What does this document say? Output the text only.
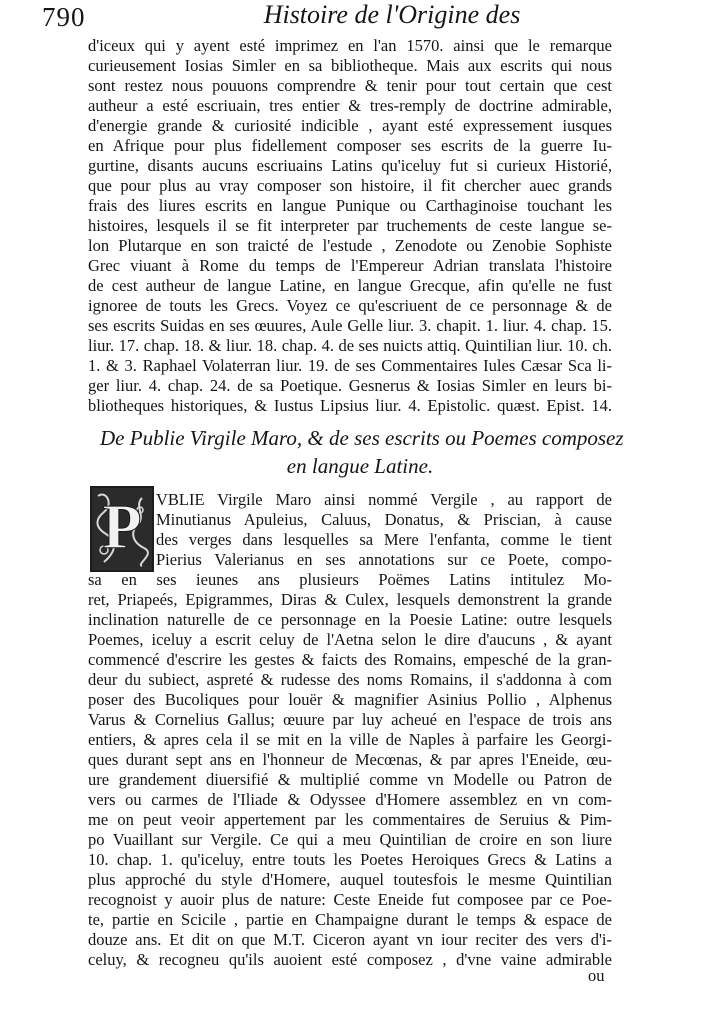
790	Histoire de l'Origine des
d'iceux qui y ayent esté imprimez en l'an 1570. ainsi que le remarque
curieusement Iosias Simler en sa bibliotheque. Mais aux escrits qui nous
sont restez nous pouuons comprendre & tenir pour tout certain que cest
autheur a esté escriuain, tres entier & tres-remply de doctrine admirable,
d'energie grande & curiosité indicible , ayant esté expressement iusques
en Afrique pour plus fidellement composer ses escrits de la guerre Iu-
gurtine, disants aucuns escriuains Latins qu'iceluy fut si curieux Historié,
que pour plus au vray composer son histoire, il fit chercher auec grands
frais des liures escrits en langue Punique ou Carthaginoise touchant les
histoires, lesquels il se fit interpreter par truchements de ceste langue se-
lon Plutarque en son traicté de l'estude , Zenodote ou Zenobie Sophiste
Grec viuant à Rome du temps de l'Empereur Adrian translata l'histoire
de cest autheur de langue Latine, en langue Grecque, afin qu'elle ne fust
ignoree de touts les Grecs. Voyez ce qu'escriuent de ce personnage & de
ses escrits Suidas en ses œuures, Aule Gelle liur. 3. chapit. 1. liur. 4. chap. 15.
liur. 17. chap. 18. & liur. 18. chap. 4. de ses nuicts attiq. Quintilian liur. 10. ch.
1. & 3. Raphael Volaterran liur. 19. de ses Commentaires Iules Cæsar Sca li-
ger liur. 4. chap. 24. de sa Poetique. Gesnerus & Iosias Simler en leurs bi-
bliotheques historiques, & Iustus Lipsius liur. 4. Epistolic. quæst. Epist. 14.
De Publie Virgile Maro, & de ses escrits ou Poemes composez
en langue Latine.
P VBLIE Virgile Maro ainsi nommé Vergile , au rapport de
Minutianus Apuleius, Caluus, Donatus, & Priscian, à cause
des verges dans lesquelles sa Mere l'enfanta, comme le tient
Pierius Valerianus en ses annotations sur ce Poete, compo-
sa en ses ieunes ans plusieurs Poëmes Latins intitulez Mo-
ret, Priapeés, Epigrammes, Diras & Culex, lesquels demonstrent la grande
inclination naturelle de ce personnage en la Poesie Latine: outre lesquels
Poemes, iceluy a escrit celuy de l'Aetna selon le dire d'aucuns , & ayant
commencé d'escrire les gestes & faicts des Romains, empesché de la gran-
deur du subiect, aspreté & rudesse des noms Romains, il s'addonna à com
poser des Bucoliques pour louër & magnifier Asinius Pollio , Alphenus
Varus & Cornelius Gallus; œuure par luy acheué en l'espace de trois ans
entiers, & apres cela il se mit en la ville de Naples à parfaire les Georgi-
ques durant sept ans en l'honneur de Mecœnas, & par apres l'Eneide, œu-
ure grandement diuersifié & multiplié comme vn Modelle ou Patron de
vers ou carmes de l'Iliade & Odyssee d'Homere assemblez en vn com-
me on peut veoir appertement par les commentaires de Seruius & Pim-
po Vuaillant sur Vergile. Ce qui a meu Quintilian de croire en son liure
10. chap. 1. qu'iceluy, entre touts les Poetes Heroiques Grecs & Latins a
plus approché du style d'Homere, auquel toutesfois le mesme Quintilian
recognoist y auoir plus de nature: Ceste Eneide fut composee par ce Poe-
te, partie en Scicile , partie en Champaigne durant le temps & espace de
douze ans. Et dit on que M.T. Ciceron ayant vn iour reciter des vers d'i-
celuy, & recogneu qu'ils auoient esté composez , d'vne vaine admirable
ou
